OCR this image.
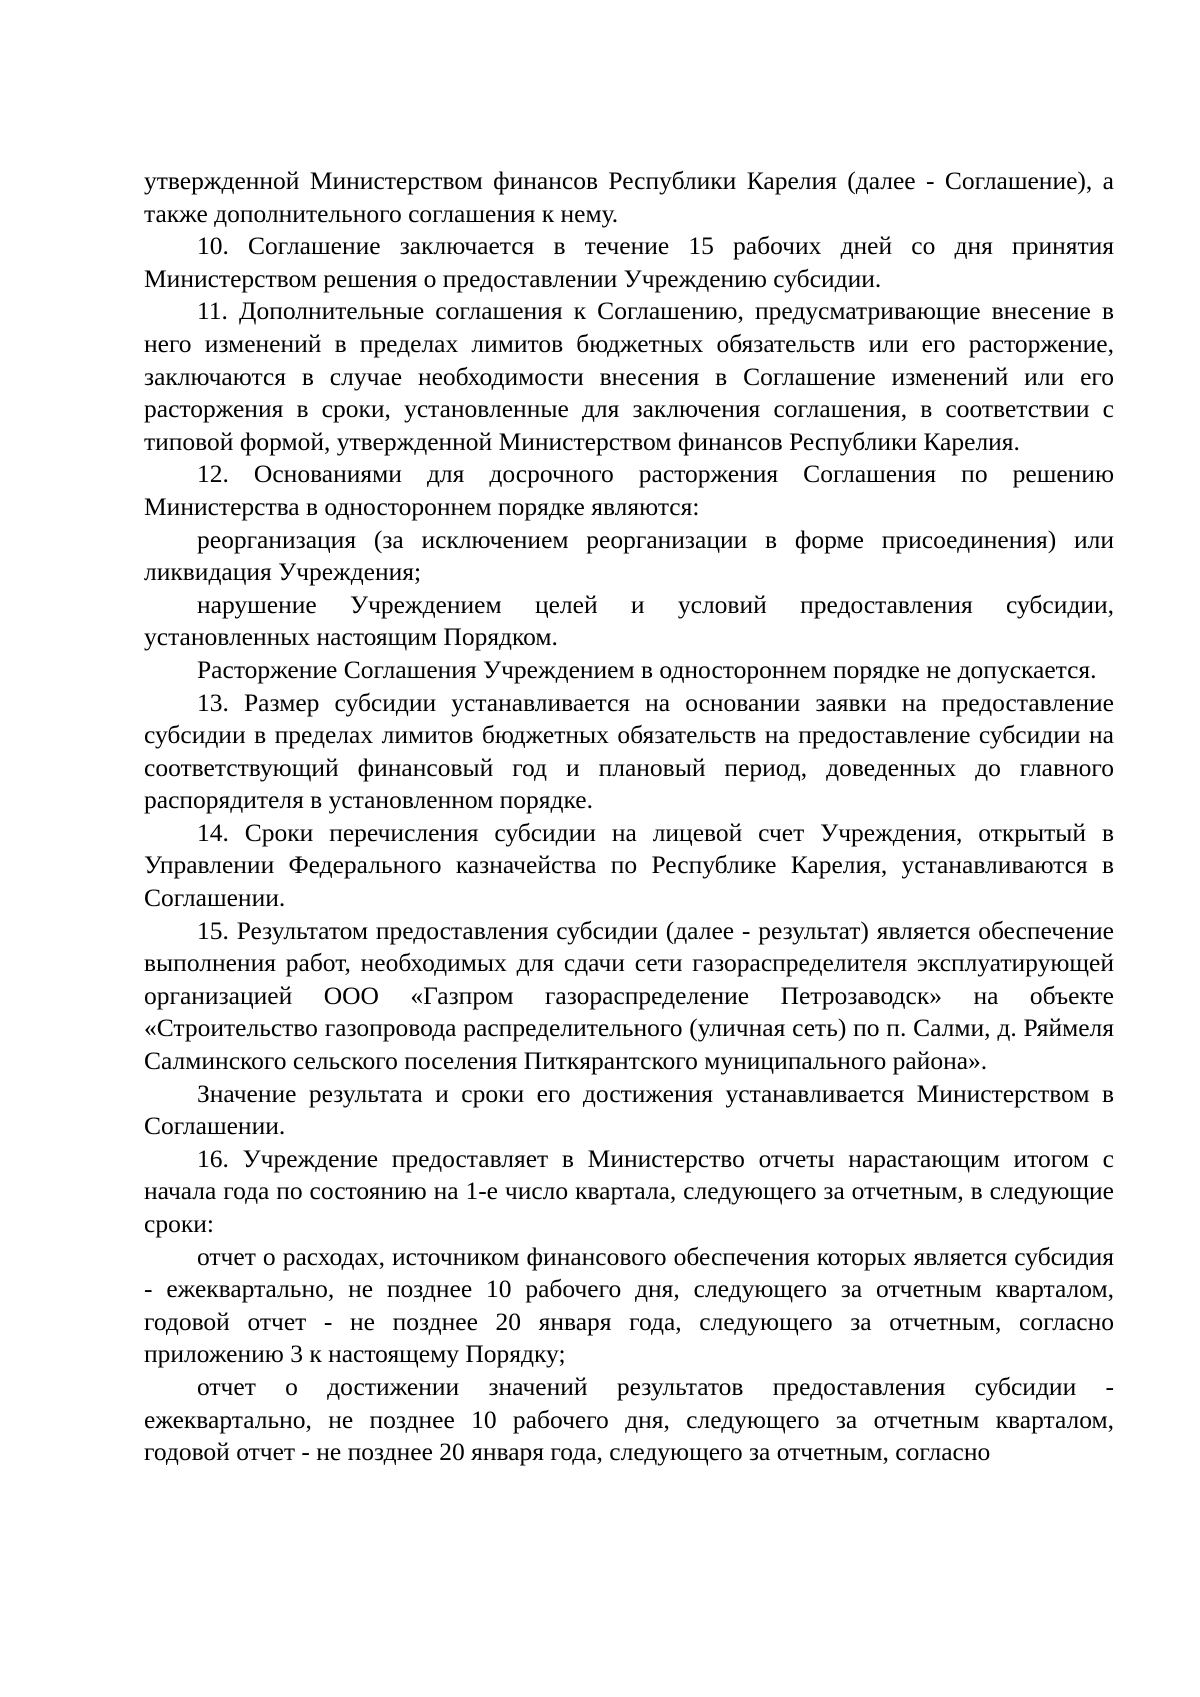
утвержденной Министерством финансов Республики Карелия (далее - Соглашение), а также дополнительного соглашения к нему.

10. Соглашение заключается в течение 15 рабочих дней со дня принятия Министерством решения о предоставлении Учреждению субсидии.

11. Дополнительные соглашения к Соглашению, предусматривающие внесение в него изменений в пределах лимитов бюджетных обязательств или его расторжение, заключаются в случае необходимости внесения в Соглашение изменений или его расторжения в сроки, установленные для заключения соглашения, в соответствии с типовой формой, утвержденной Министерством финансов Республики Карелия.

12. Основаниями для досрочного расторжения Соглашения по решению Министерства в одностороннем порядке являются:

реорганизация (за исключением реорганизации в форме присоединения) или ликвидация Учреждения;

нарушение Учреждением целей и условий предоставления субсидии, установленных настоящим Порядком.

Расторжение Соглашения Учреждением в одностороннем порядке не допускается.

13. Размер субсидии устанавливается на основании заявки на предоставление субсидии в пределах лимитов бюджетных обязательств на предоставление субсидии на соответствующий финансовый год и плановый период, доведенных до главного распорядителя в установленном порядке.

14. Сроки перечисления субсидии на лицевой счет Учреждения, открытый в Управлении Федерального казначейства по Республике Карелия, устанавливаются в Соглашении.

15. Результатом предоставления субсидии (далее - результат) является обеспечение выполнения работ, необходимых для сдачи сети газораспределителя эксплуатирующей организацией ООО «Газпром газораспределение Петрозаводск» на объекте «Строительство газопровода распределительного (уличная сеть) по п. Салми, д. Ряймеля Салминского сельского поселения Питкярантского муниципального района».

Значение результата и сроки его достижения устанавливается Министерством в Соглашении.

16. Учреждение предоставляет в Министерство отчеты нарастающим итогом с начала года по состоянию на 1-е число квартала, следующего за отчетным, в следующие сроки:

отчет о расходах, источником финансового обеспечения которых является субсидия - ежеквартально, не позднее 10 рабочего дня, следующего за отчетным кварталом, годовой отчет - не позднее 20 января года, следующего за отчетным, согласно приложению 3 к настоящему Порядку;

отчет о достижении значений результатов предоставления субсидии - ежеквартально, не позднее 10 рабочего дня, следующего за отчетным кварталом, годовой отчет - не позднее 20 января года, следующего за отчетным, согласно
